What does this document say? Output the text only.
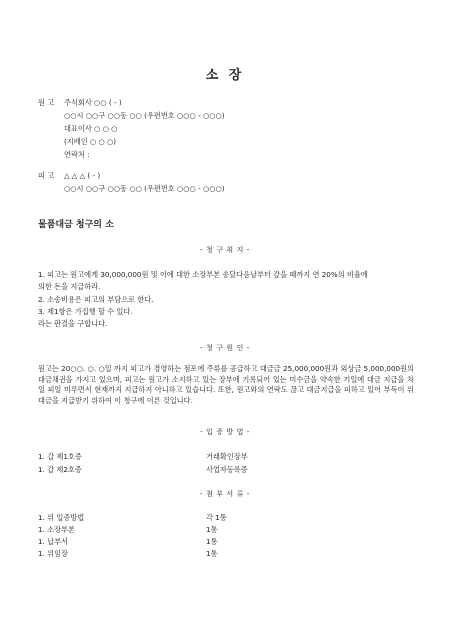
소 장
원 고 주식회사 ○○ ( - )
○○시 ○○구 ○○동 ○○ (우편번호 ○○○ - ○○○)
대표이사 ○ ○ ○
(지배인 ○ ○ ○)
연락처 :
피 고 △ △ △ ( - )
○○시 ○○구 ○○동 ○○ (우편번호 ○○○ - ○○○)
물품대금 청구의 소
- 청 구 취 지 -
1. 피고는 원고에게 30,000,000원 및 이에 대한 소장부본 송달다음날부터 갚을 때까지 연 20%의 비율에
의한 돈을 지급하라.
2. 소송비용은 피고의 부담으로 한다.
3. 제1항은 가집행 할 수 있다.
라는 판결을 구합니다.
- 청 구 원 인 -
원고는 20○○. ○. ○일 까지 피고가 경영하는 점포에 주류를 공급하고 대금금 25,000,000원과 외상금 5,000,000원의 대금채권을 가지고 있으며, 피고는 원고가 소지하고 있는 장부에 기록되어 있는 미수금을 약속한 기일에 대금 지급을 차일 피일 미루면서 현재까지 지급하지 아니하고 있습니다. 또한, 원고와의 연락도 끊고 대금지급을 피하고 있어 부득이 위 대금을 지급받기 위하여 이 청구에 이른 것입니다.
- 입 증 방 법 -
1. 갑 제1호증	거래확인장부
1. 갑 제2호증	사업자등록증
- 첨 부 서 류 -
1. 위 입증방법	각 1통
1. 소장부본	1통
1. 납부서	1통
1. 위임장	1통
